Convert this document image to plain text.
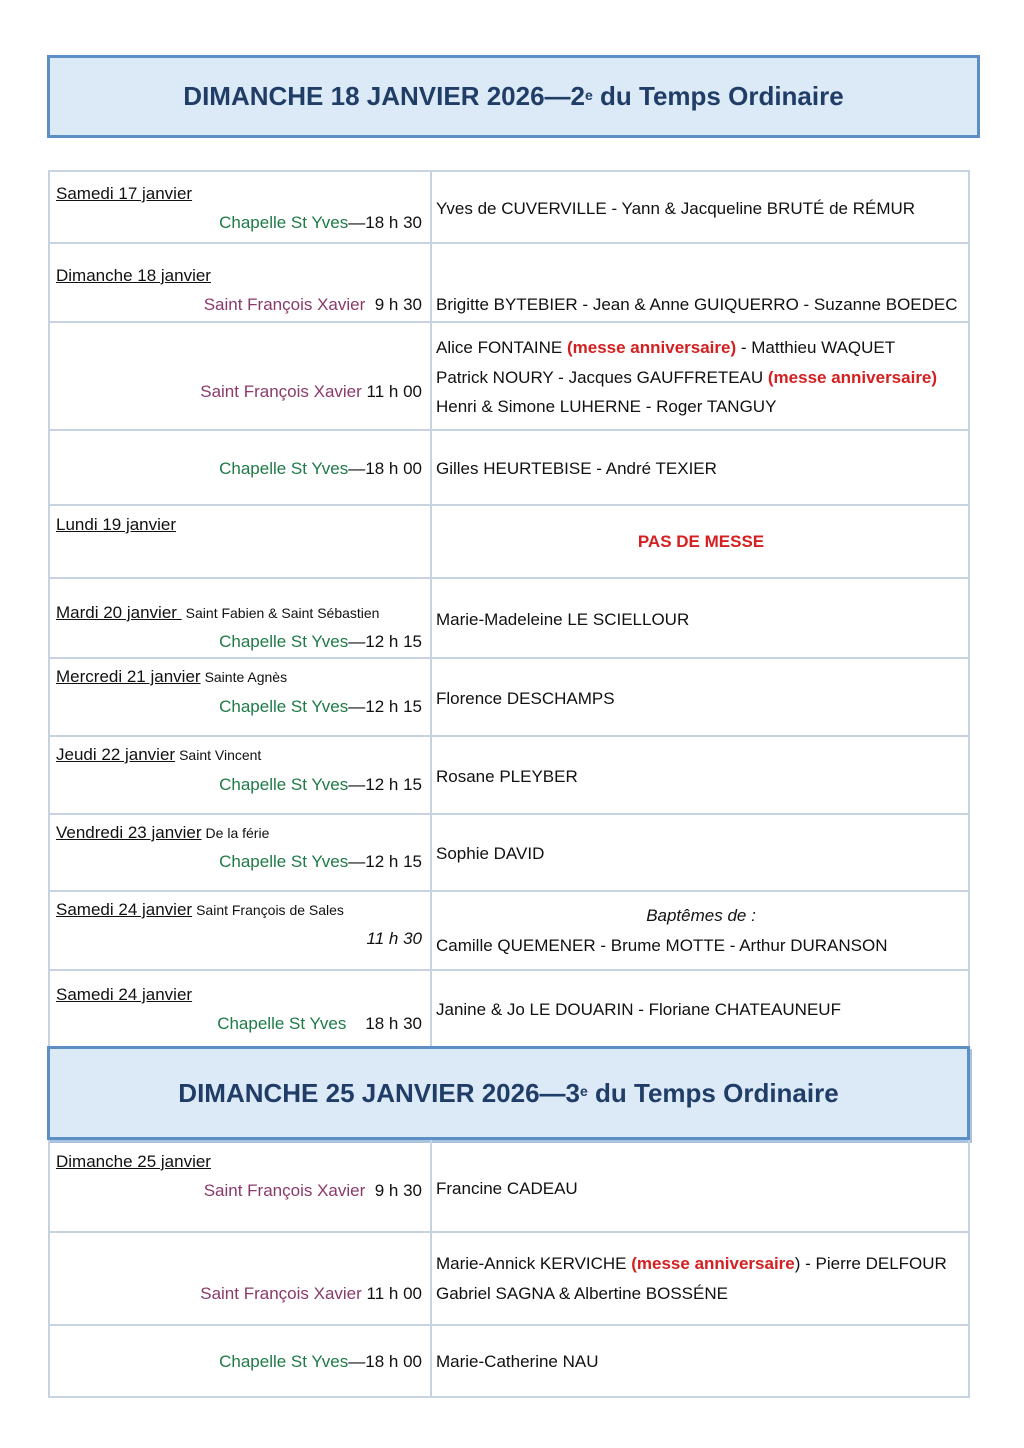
DIMANCHE 18 JANVIER 2026—2e du Temps Ordinaire
Samedi 17 janvier
Chapelle St Yves—18 h 30
Yves de CUVERVILLE - Yann & Jacqueline BRUTÉ de RÉMUR
Dimanche 18 janvier
Saint François Xavier  9 h 30 Brigitte BYTEBIER - Jean & Anne GUIQUERRO - Suzanne BOEDEC
Saint François Xavier 11 h 00
Alice FONTAINE (messe anniversaire) - Matthieu WAQUET
Patrick NOURY - Jacques GAUFFRETEAU (messe anniversaire)
Henri & Simone LUHERNE - Roger TANGUY
Chapelle St Yves—18 h 00 Gilles HEURTEBISE - André TEXIER
Lundi 19 janvier
PAS DE MESSE
Mardi 20 janvier Saint Fabien & Saint Sébastien
Chapelle St Yves—12 h 15
Marie-Madeleine LE SCIELLOUR
Mercredi 21 janvier Sainte Agnès
Chapelle St Yves—12 h 15 Florence DESCHAMPS
Jeudi 22 janvier Saint Vincent
Chapelle St Yves—12 h 15 Rosane PLEYBER
Vendredi 23 janvier De la férie
Chapelle St Yves—12 h 15 Sophie DAVID
Samedi 24 janvier Saint François de Sales
11 h 30
Baptêmes de :
Camille QUEMENER - Brume MOTTE - Arthur DURANSON
Samedi 24 janvier
Chapelle St Yves    18 h 30
Janine & Jo LE DOUARIN - Floriane CHATEAUNEUF
DIMANCHE 25 JANVIER 2026—3e du Temps Ordinaire
Dimanche 25 janvier
Saint François Xavier  9 h 30 Francine CADEAU
Saint François Xavier 11 h 00
Marie-Annick KERVICHE (messe anniversaire) - Pierre DELFOUR
Gabriel SAGNA & Albertine BOSSÉNE
Chapelle St Yves—18 h 00 Marie-Catherine NAU
